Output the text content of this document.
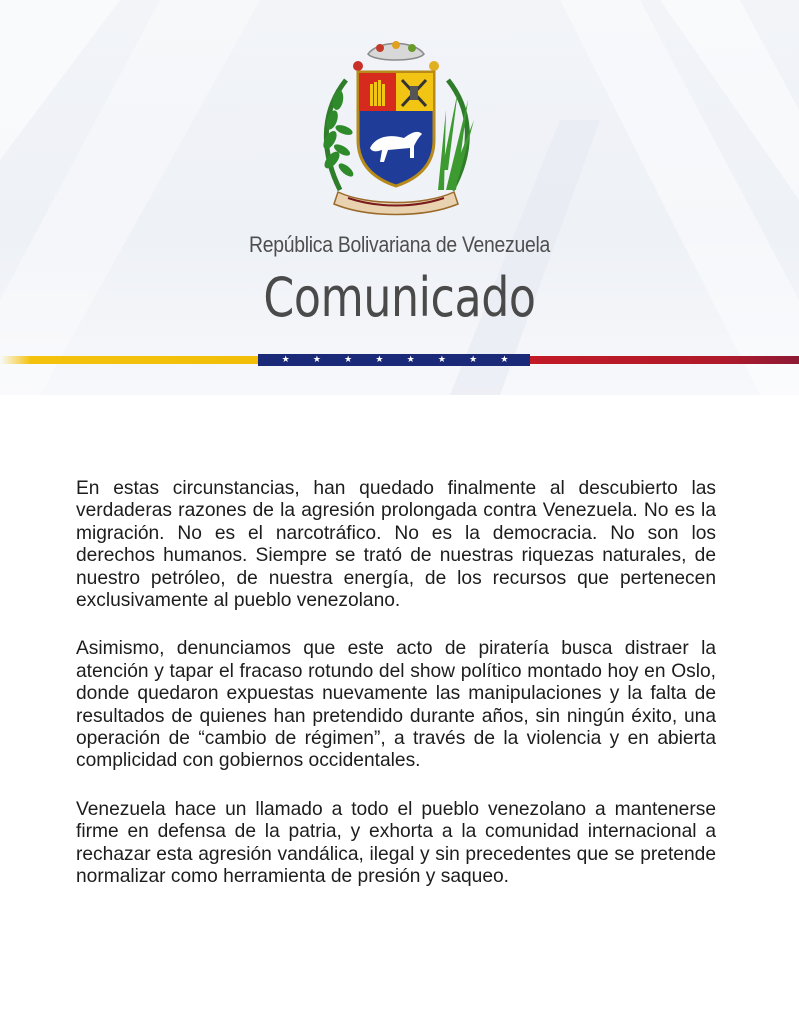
República Bolivariana de Venezuela
Comunicado
★	★	★	★	★	★	★	★

En estas circunstancias, han quedado finalmente al descubierto las verdaderas razones de la agresión prolongada contra Venezuela. No es la migración. No es el narcotráfico. No es la democracia. No son los derechos humanos. Siempre se trató de nuestras riquezas naturales, de nuestro petróleo, de nuestra energía, de los recursos que pertenecen exclusivamente al pueblo venezolano.

Asimismo, denunciamos que este acto de piratería busca distraer la atención y tapar el fracaso rotundo del show político montado hoy en Oslo, donde quedaron expuestas nuevamente las manipulaciones y la falta de resultados de quienes han pretendido durante años, sin ningún éxito, una operación de “cambio de régimen”, a través de la violencia y en abierta complicidad con gobiernos occidentales.

Venezuela hace un llamado a todo el pueblo venezolano a mantenerse firme en defensa de la patria, y exhorta a la comunidad internacional a rechazar esta agresión vandálica, ilegal y sin precedentes que se pretende normalizar como herramienta de presión y saqueo.
